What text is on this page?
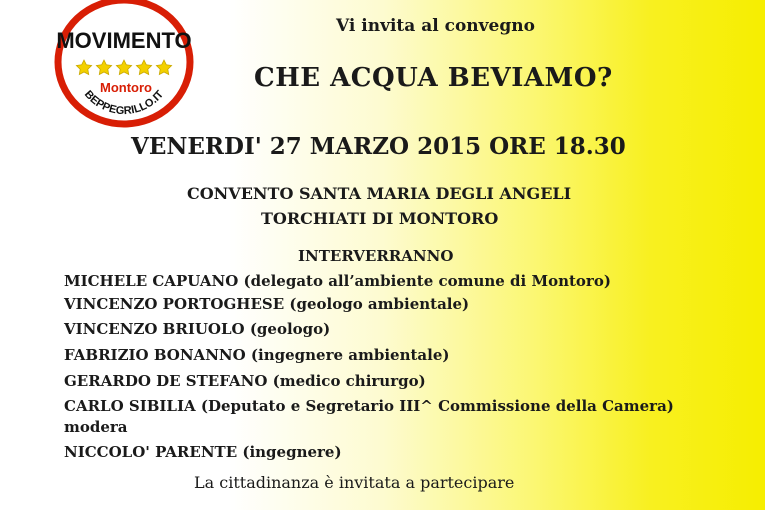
MOVIMENTO
Montoro
BEPPEGRILLO.IT
Vi invita al convegno
CHE ACQUA BEVIAMO?
VENERDI' 27 MARZO 2015 ORE 18.30
CONVENTO SANTA MARIA DEGLI ANGELI
TORCHIATI DI MONTORO
INTERVERRANNO
MICHELE CAPUANO (delegato all’ambiente comune di Montoro)
VINCENZO PORTOGHESE (geologo ambientale)
VINCENZO BRIUOLO (geologo)
FABRIZIO BONANNO (ingegnere ambientale)
GERARDO DE STEFANO (medico chirurgo)
CARLO SIBILIA (Deputato e Segretario III^ Commissione della Camera)
modera
NICCOLO' PARENTE (ingegnere)
La cittadinanza è invitata a partecipare
